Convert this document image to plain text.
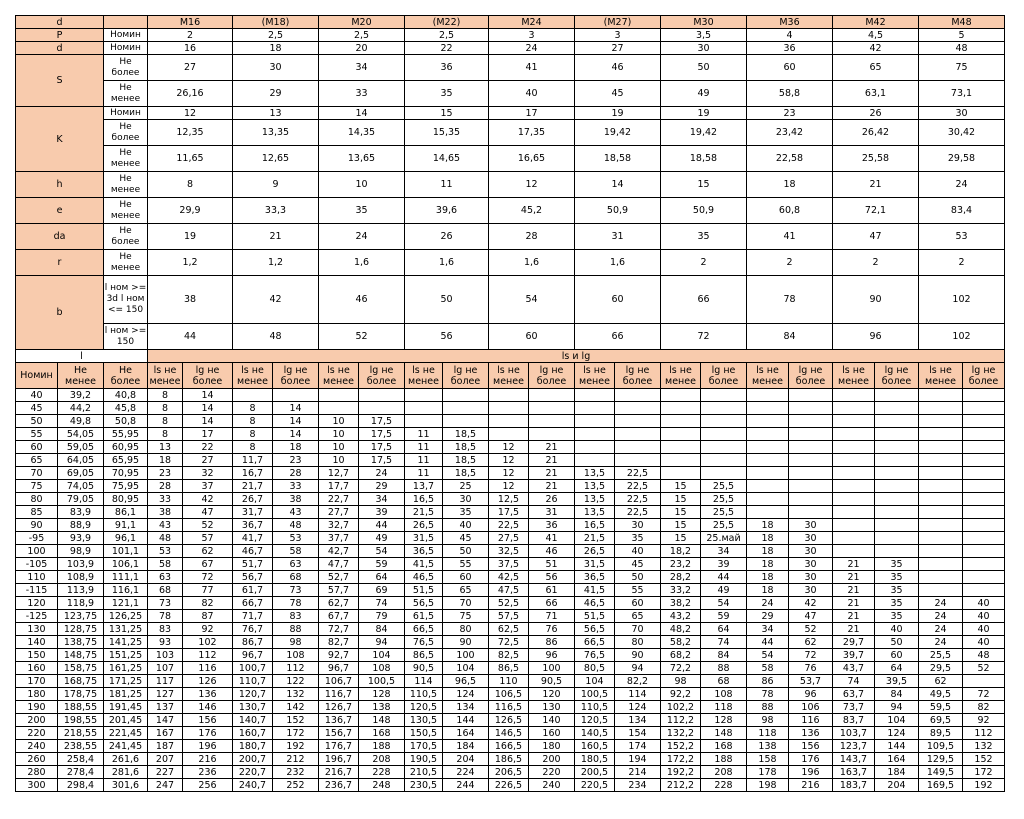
d			M16		(M18)		M20		(M22)		M24		(M27)		M30		M36		M42		M48	
P		Номин	2		2,5		2,5		2,5		3		3		3,5		4		4,5		5	
d		Номин	16		18		20		22		24		27		30		36		42		48	
S		Не более	27		30		34		36		41		46		50		60		65		75	
		Не менее	26,16		29		33		35		40		45		49		58,8		63,1		73,1	
K		Номин	12		13		14		15		17		19		19		23		26		30	
		Не более	12,35		13,35		14,35		15,35		17,35		19,42		19,42		23,42		26,42		30,42	
		Не менее	11,65		12,65		13,65		14,65		16,65		18,58		18,58		22,58		25,58		29,58	
h		Не менее	8		9		10		11		12		14		15		18		21		24	
e		Не менее	29,9		33,3		35		39,6		45,2		50,9		50,9		60,8		72,1		83,4	
da		Не более	19		21		24		26		28		31		35		41		47		53	
r		Не менее	1,2		1,2		1,6		1,6		1,6		1,6		2		2		2		2	
b		l ном >= 3d l ном <= 150	38		42		46		50		54		60		66		78		90		102	
		l ном >= 150	44		48		52		56		60		66		72		84		96		102	
l			ls и lg																			
Номин	Не менее	Не более	ls не менее	lg не более	ls не менее	lg не более	ls не менее	lg не более	ls не менее	lg не более	ls не менее	lg не более	ls не менее	lg не более	ls не менее	lg не более	ls не менее	lg не более	ls не менее	lg не более	ls не менее	lg не более
40	39,2	40,8	8	14																		
45	44,2	45,8	8	14	8	14																
50	49,8	50,8	8	14	8	14	10	17,5														
55	54,05	55,95	8	17	8	14	10	17,5	11	18,5												
60	59,05	60,95	13	22	8	18	10	17,5	11	18,5	12	21										
65	64,05	65,95	18	27	11,7	23	10	17,5	11	18,5	12	21										
70	69,05	70,95	23	32	16,7	28	12,7	24	11	18,5	12	21	13,5	22,5								
75	74,05	75,95	28	37	21,7	33	17,7	29	13,7	25	12	21	13,5	22,5	15	25,5						
80	79,05	80,95	33	42	26,7	38	22,7	34	16,5	30	12,5	26	13,5	22,5	15	25,5						
85	83,9	86,1	38	47	31,7	43	27,7	39	21,5	35	17,5	31	13,5	22,5	15	25,5						
90	88,9	91,1	43	52	36,7	48	32,7	44	26,5	40	22,5	36	16,5	30	15	25,5	18	30				
-95	93,9	96,1	48	57	41,7	53	37,7	49	31,5	45	27,5	41	21,5	35	15	25.май	18	30				
100	98,9	101,1	53	62	46,7	58	42,7	54	36,5	50	32,5	46	26,5	40	18,2	34	18	30				
-105	103,9	106,1	58	67	51,7	63	47,7	59	41,5	55	37,5	51	31,5	45	23,2	39	18	30	21	35		
110	108,9	111,1	63	72	56,7	68	52,7	64	46,5	60	42,5	56	36,5	50	28,2	44	18	30	21	35		
-115	113,9	116,1	68	77	61,7	73	57,7	69	51,5	65	47,5	61	41,5	55	33,2	49	18	30	21	35		
120	118,9	121,1	73	82	66,7	78	62,7	74	56,5	70	52,5	66	46,5	60	38,2	54	24	42	21	35	24	40
-125	123,75	126,25	78	87	71,7	83	67,7	79	61,5	75	57,5	71	51,5	65	43,2	59	29	47	21	35	24	40
130	128,75	131,25	83	92	76,7	88	72,7	84	66,5	80	62,5	76	56,5	70	48,2	64	34	52	21	40	24	40
140	138,75	141,25	93	102	86,7	98	82,7	94	76,5	90	72,5	86	66,5	80	58,2	74	44	62	29,7	50	24	40
150	148,75	151,25	103	112	96,7	108	92,7	104	86,5	100	82,5	96	76,5	90	68,2	84	54	72	39,7	60	25,5	48
160	158,75	161,25	107	116	100,7	112	96,7	108	90,5	104	86,5	100	80,5	94	72,2	88	58	76	43,7	64	29,5	52
170	168,75	171,25	117	126	110,7	122	106,7	100,5	114	96,5	110	90,5	104	82,2	98	68	86	53,7	74	39,5	62	
180	178,75	181,25	127	136	120,7	132	116,7	128	110,5	124	106,5	120	100,5	114	92,2	108	78	96	63,7	84	49,5	72
190	188,55	191,45	137	146	130,7	142	126,7	138	120,5	134	116,5	130	110,5	124	102,2	118	88	106	73,7	94	59,5	82
200	198,55	201,45	147	156	140,7	152	136,7	148	130,5	144	126,5	140	120,5	134	112,2	128	98	116	83,7	104	69,5	92
220	218,55	221,45	167	176	160,7	172	156,7	168	150,5	164	146,5	160	140,5	154	132,2	148	118	136	103,7	124	89,5	112
240	238,55	241,45	187	196	180,7	192	176,7	188	170,5	184	166,5	180	160,5	174	152,2	168	138	156	123,7	144	109,5	132
260	258,4	261,6	207	216	200,7	212	196,7	208	190,5	204	186,5	200	180,5	194	172,2	188	158	176	143,7	164	129,5	152
280	278,4	281,6	227	236	220,7	232	216,7	228	210,5	224	206,5	220	200,5	214	192,2	208	178	196	163,7	184	149,5	172
300	298,4	301,6	247	256	240,7	252	236,7	248	230,5	244	226,5	240	220,5	234	212,2	228	198	216	183,7	204	169,5	192
